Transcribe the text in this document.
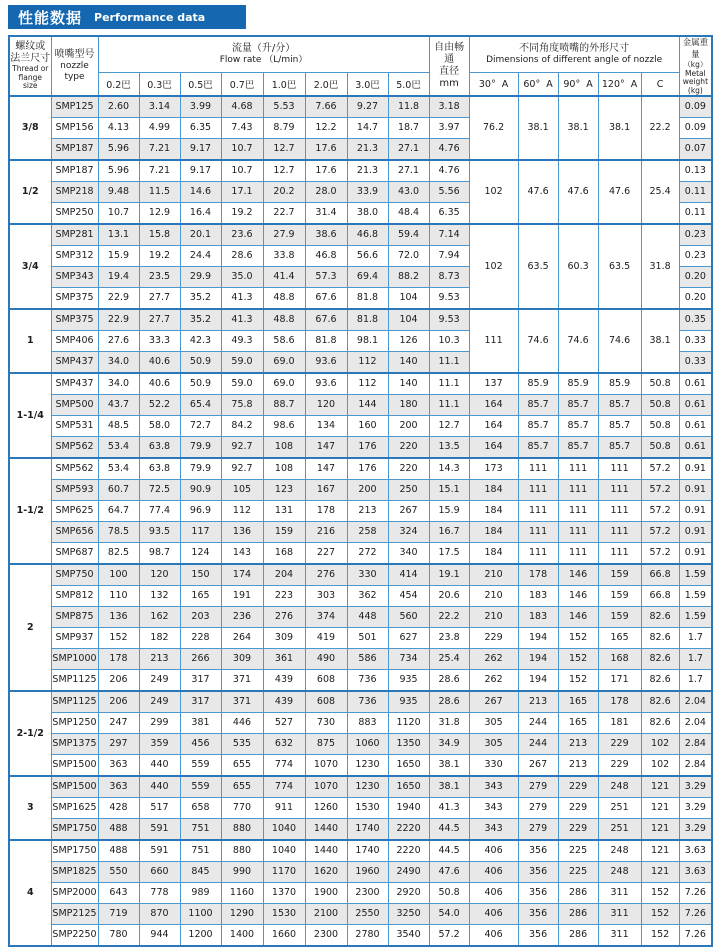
性能数据 Performance data
螺纹或
法兰尺寸
Thread or
flange
size

喷嘴型号
nozzle
type

流量（升/分）
Flow rate （L/min）

自由畅通
直径mm

不同角度喷嘴的外形尺寸
Dimensions of different angle of nozzle

金属重量
（kg）
Metal
weight
(kg)

		0.2巴	0.3巴	0.5巴	0.7巴	1.0巴	2.0巴	3.0巴	5.0巴		30°  A	60°  A	90°  A	120°  A	C	
3/8	SMP125	2.60	3.14	3.99	4.68	5.53	7.66	9.27	11.8	3.18	76.2	38.1	38.1	38.1	22.2	0.09
	SMP156	4.13	4.99	6.35	7.43	8.79	12.2	14.7	18.7	3.97						0.09
	SMP187	5.96	7.21	9.17	10.7	12.7	17.6	21.3	27.1	4.76						0.07
1/2	SMP187	5.96	7.21	9.17	10.7	12.7	17.6	21.3	27.1	4.76	102	47.6	47.6	47.6	25.4	0.13
	SMP218	9.48	11.5	14.6	17.1	20.2	28.0	33.9	43.0	5.56						0.11
	SMP250	10.7	12.9	16.4	19.2	22.7	31.4	38.0	48.4	6.35						0.11
3/4	SMP281	13.1	15.8	20.1	23.6	27.9	38.6	46.8	59.4	7.14	102	63.5	60.3	63.5	31.8	0.23
	SMP312	15.9	19.2	24.4	28.6	33.8	46.8	56.6	72.0	7.94						0.23
	SMP343	19.4	23.5	29.9	35.0	41.4	57.3	69.4	88.2	8.73						0.20
	SMP375	22.9	27.7	35.2	41.3	48.8	67.6	81.8	104	9.53						0.20
1	SMP375	22.9	27.7	35.2	41.3	48.8	67.6	81.8	104	9.53	111	74.6	74.6	74.6	38.1	0.35
	SMP406	27.6	33.3	42.3	49.3	58.6	81.8	98.1	126	10.3						0.33
	SMP437	34.0	40.6	50.9	59.0	69.0	93.6	112	140	11.1						0.33
1-1/4	SMP437	34.0	40.6	50.9	59.0	69.0	93.6	112	140	11.1	137	85.9	85.9	85.9	50.8	0.61
	SMP500	43.7	52.2	65.4	75.8	88.7	120	144	180	11.1	164	85.7	85.7	85.7	50.8	0.61
	SMP531	48.5	58.0	72.7	84.2	98.6	134	160	200	12.7	164	85.7	85.7	85.7	50.8	0.61
	SMP562	53.4	63.8	79.9	92.7	108	147	176	220	13.5	164	85.7	85.7	85.7	50.8	0.61
1-1/2	SMP562	53.4	63.8	79.9	92.7	108	147	176	220	14.3	173	111	111	111	57.2	0.91
	SMP593	60.7	72.5	90.9	105	123	167	200	250	15.1	184	111	111	111	57.2	0.91
	SMP625	64.7	77.4	96.9	112	131	178	213	267	15.9	184	111	111	111	57.2	0.91
	SMP656	78.5	93.5	117	136	159	216	258	324	16.7	184	111	111	111	57.2	0.91
	SMP687	82.5	98.7	124	143	168	227	272	340	17.5	184	111	111	111	57.2	0.91
2	SMP750	100	120	150	174	204	276	330	414	19.1	210	178	146	159	66.8	1.59
	SMP812	110	132	165	191	223	303	362	454	20.6	210	183	146	159	66.8	1.59
	SMP875	136	162	203	236	276	374	448	560	22.2	210	183	146	159	82.6	1.59
	SMP937	152	182	228	264	309	419	501	627	23.8	229	194	152	165	82.6	1.7
	SMP1000	178	213	266	309	361	490	586	734	25.4	262	194	152	168	82.6	1.7
	SMP1125	206	249	317	371	439	608	736	935	28.6	262	194	152	171	82.6	1.7
2-1/2	SMP1125	206	249	317	371	439	608	736	935	28.6	267	213	165	178	82.6	2.04
	SMP1250	247	299	381	446	527	730	883	1120	31.8	305	244	165	181	82.6	2.04
	SMP1375	297	359	456	535	632	875	1060	1350	34.9	305	244	213	229	102	2.84
	SMP1500	363	440	559	655	774	1070	1230	1650	38.1	330	267	213	229	102	2.84
3	SMP1500	363	440	559	655	774	1070	1230	1650	38.1	343	279	229	248	121	3.29
	SMP1625	428	517	658	770	911	1260	1530	1940	41.3	343	279	229	251	121	3.29
	SMP1750	488	591	751	880	1040	1440	1740	2220	44.5	343	279	229	251	121	3.29
4	SMP1750	488	591	751	880	1040	1440	1740	2220	44.5	406	356	225	248	121	3.63
	SMP1825	550	660	845	990	1170	1620	1960	2490	47.6	406	356	225	248	121	3.63
	SMP2000	643	778	989	1160	1370	1900	2300	2920	50.8	406	356	286	311	152	7.26
	SMP2125	719	870	1100	1290	1530	2100	2550	3250	54.0	406	356	286	311	152	7.26
	SMP2250	780	944	1200	1400	1660	2300	2780	3540	57.2	406	356	286	311	152	7.26
